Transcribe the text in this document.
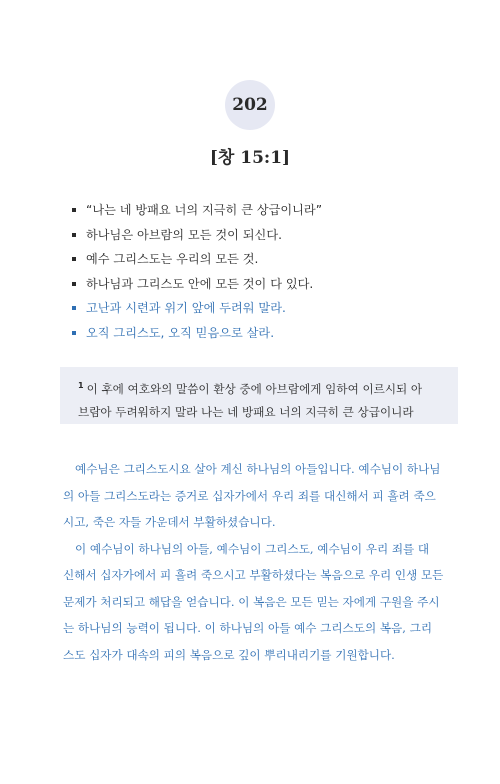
202
[창 15:1]
“나는 네 방패요 너의 지극히 큰 상급이니라”
하나님은 아브람의 모든 것이 되신다.
예수 그리스도는 우리의 모든 것.
하나님과 그리스도 안에 모든 것이 다 있다.
고난과 시련과 위기 앞에 두려워 말라.
오직 그리스도, 오직 믿음으로 살라.
$^1$ 이 후에 여호와의 말씀이 환상 중에 아브람에게 임하여 이르시되 아
브람아 두려워하지 말라 나는 네 방패요 너의 지극히 큰 상급이니라
예수님은 그리스도시요 살아 계신 하나님의 아들입니다. 예수님이 하나님
의 아들 그리스도라는 증거로 십자가에서 우리 죄를 대신해서 피 흘려 죽으
시고, 죽은 자들 가운데서 부활하셨습니다.
이 예수님이 하나님의 아들, 예수님이 그리스도, 예수님이 우리 죄를 대
신해서 십자가에서 피 흘려 죽으시고 부활하셨다는 복음으로 우리 인생 모든
문제가 처리되고 해답을 얻습니다. 이 복음은 모든 믿는 자에게 구원을 주시
는 하나님의 능력이 됩니다. 이 하나님의 아들 예수 그리스도의 복음, 그리
스도 십자가 대속의 피의 복음으로 깊이 뿌리내리기를 기원합니다.
